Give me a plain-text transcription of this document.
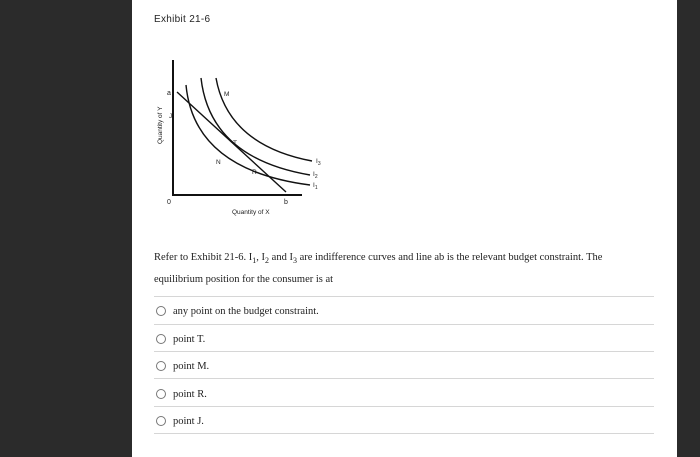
Exhibit 21-6
Quantity of Y
Quantity of X
0
a
b
J
M
T
N
R
$I_3$
$I_2$
$I_1$
Refer to Exhibit 21-6. $I_1$, $I_2$ and $I_3$ are indifference curves and line ab is the relevant budget constraint. The equilibrium position for the consumer is at
any point on the budget constraint.
point T.
point M.
point R.
point J.
